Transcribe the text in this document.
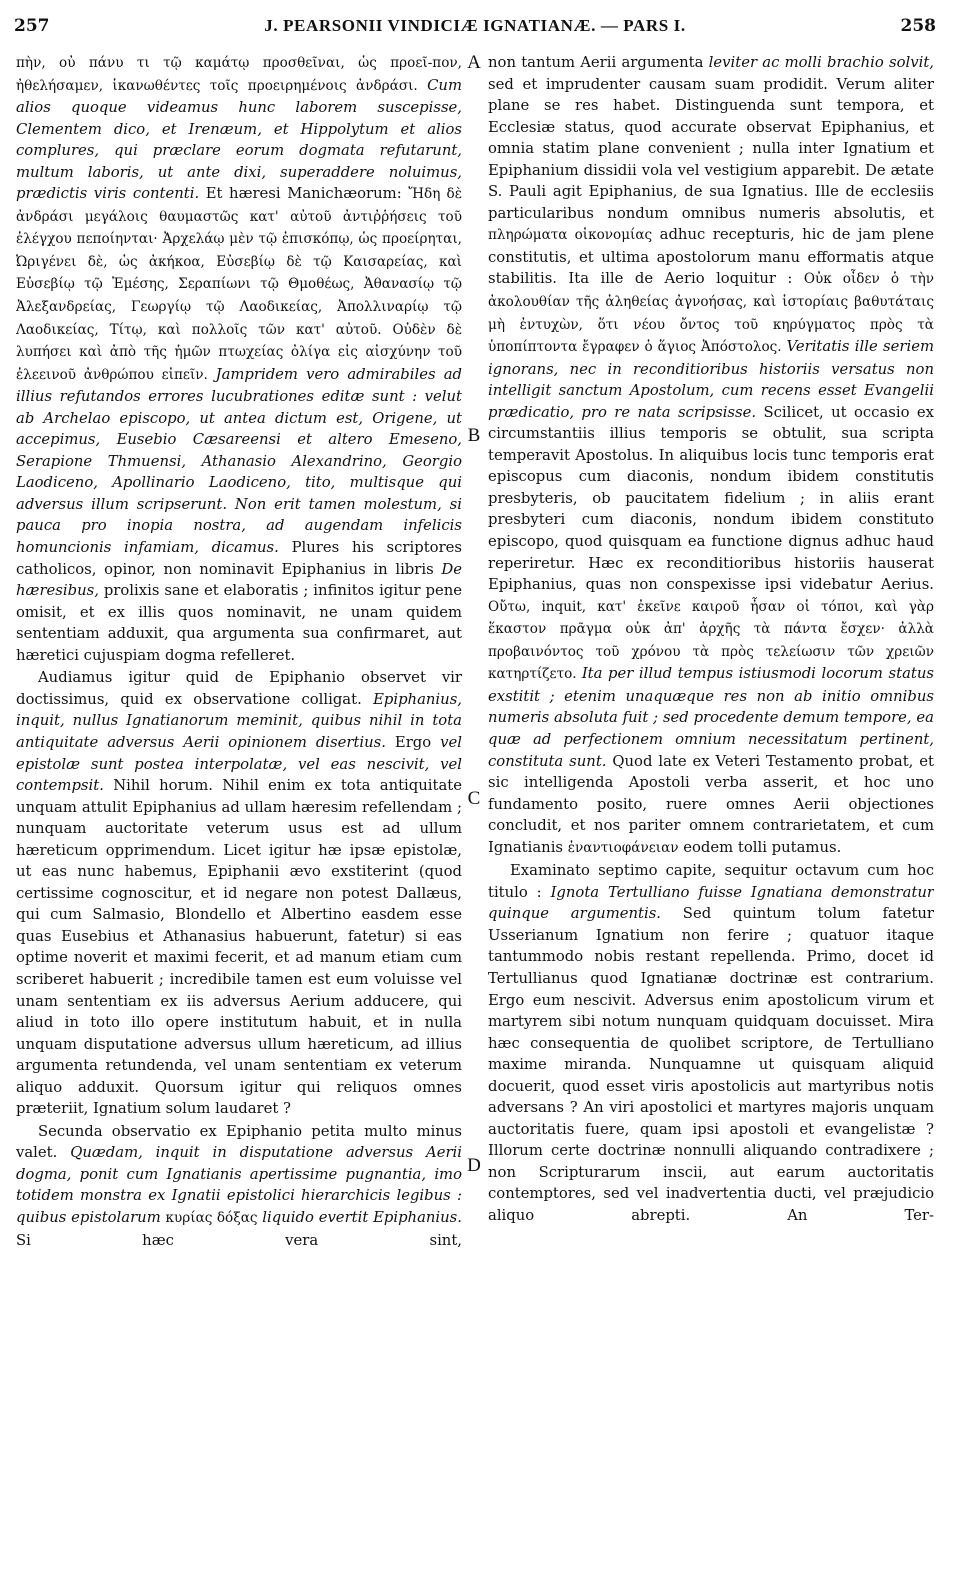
257	J. PEARSONII VINDICIÆ IGNATIANÆ. — PARS I.	258

πὴν, οὐ πάνυ τι τῷ καμάτῳ προσθεῖναι, ὡς προεῖ-πον, ἠθελήσαμεν, ἱκανωθέντες τοῖς προειρημένοις ἀνδράσι. Cum alios quoque videamus hunc laborem suscepisse, Clementem dico, et Irenæum, et Hippolytum et alios complures, qui præclare eorum dogmata refutarunt, multum laboris, ut ante dixi, superaddere noluimus, prædictis viris contenti. Et hæresi Manichæorum: Ἤδη δὲ ἀνδράσι μεγάλοις θαυμαστῶς κατ' αὐτοῦ ἀντιῤῥήσεις τοῦ ἐλέγχου πεποίηνται· Ἀρχελάῳ μὲν τῷ ἐπισκόπῳ, ὡς προείρηται, Ὠριγένει δὲ, ὡς ἀκήκοα, Εὐσεβίῳ δὲ τῷ Καισαρείας, καὶ Εὐσεβίῳ τῷ Ἐμέσης, Σεραπίωνι τῷ Θμοθέως, Ἀθανασίῳ τῷ Ἀλεξανδρείας, Γεωργίῳ τῷ Λαοδικείας, Ἀπολλιναρίῳ τῷ Λαοδικείας, Τίτῳ, καὶ πολλοῖς τῶν κατ' αὐτοῦ. Οὐδὲν δὲ λυπήσει καὶ ἀπὸ τῆς ἡμῶν πτωχείας ὀλίγα εἰς αἰσχύνην τοῦ ἐλεεινοῦ ἀνθρώπου εἰπεῖν. Jampridem vero admirabiles ad illius refutandos errores lucubrationes editæ sunt : velut ab Archelao episcopo, ut antea dictum est, Origene, ut accepimus, Eusebio Cæsareensi et altero Emeseno, Serapione Thmuensi, Athanasio Alexandrino, Georgio Laodiceno, Apollinario Laodiceno, tito, multisque qui adversus illum scripserunt. Non erit tamen molestum, si pauca pro inopia nostra, ad augendam infelicis homuncionis infamiam, dicamus. Plures his scriptores catholicos, opinor, non nominavit Epiphanius in libris De hæresibus, prolixis sane et elaboratis ; infinitos igitur pene omisit, et ex illis quos nominavit, ne unam quidem sententiam adduxit, qua argumenta sua confirmaret, aut hæretici cujuspiam dogma refelleret.

Audiamus igitur quid de Epiphanio observet vir doctissimus, quid ex observatione colligat. Epiphanius, inquit, nullus Ignatianorum meminit, quibus nihil in tota antiquitate adversus Aerii opinionem disertius. Ergo vel epistolæ sunt postea interpolatæ, vel eas nescivit, vel contempsit. Nihil horum. Nihil enim ex tota antiquitate unquam attulit Epiphanius ad ullam hæresim refellendam ; nunquam auctoritate veterum usus est ad ullum hæreticum opprimendum. Licet igitur hæ ipsæ epistolæ, ut eas nunc habemus, Epiphanii ævo exstiterint (quod certissime cognoscitur, et id negare non potest Dallæus, qui cum Salmasio, Blondello et Albertino easdem esse quas Eusebius et Athanasius habuerunt, fatetur) si eas optime noverit et maximi fecerit, et ad manum etiam cum scriberet habuerit ; incredibile tamen est eum voluisse vel unam sententiam ex iis adversus Aerium adducere, qui aliud in toto illo opere institutum habuit, et in nulla unquam disputatione adversus ullum hæreticum, ad illius argumenta retundenda, vel unam sententiam ex veterum aliquo adduxit. Quorsum igitur qui reliquos omnes præteriit, Ignatium solum laudaret ?

Secunda observatio ex Epiphanio petita multo minus valet. Quædam, inquit in disputatione adversus Aerii dogma, ponit cum Ignatianis apertissime pugnantia, imo totidem monstra ex Ignatii epistolici hierarchicis legibus : quibus epistolarum κυρίας δόξας liquido evertit Epiphanius. Si hæc vera sint,

non tantum Aerii argumenta leviter ac molli brachio solvit, sed et imprudenter causam suam prodidit. Verum aliter plane se res habet. Distinguenda sunt tempora, et Ecclesiæ status, quod accurate observat Epiphanius, et omnia statim plane convenient ; nulla inter Ignatium et Epiphanium dissidii vola vel vestigium apparebit. De ætate S. Pauli agit Epiphanius, de sua Ignatius. Ille de ecclesiis particularibus nondum omnibus numeris absolutis, et πληρώματα οἰκονομίας adhuc recepturis, hic de jam plene constitutis, et ultima apostolorum manu efformatis atque stabilitis. Ita ille de Aerio loquitur : Οὐκ οἶδεν ὁ τὴν ἀκολουθίαν τῆς ἀληθείας ἀγνοήσας, καὶ ἱστορίαις βαθυτάταις μὴ ἐντυχὼν, ὅτι νέου ὄντος τοῦ κηρύγματος πρὸς τὰ ὑποπίπτοντα ἔγραφεν ὁ ἅγιος Ἀπόστολος. Veritatis ille seriem ignorans, nec in reconditioribus historiis versatus non intelligit sanctum Apostolum, cum recens esset Evangelii prædicatio, pro re nata scripsisse. Scilicet, ut occasio ex circumstantiis illius temporis se obtulit, sua scripta temperavit Apostolus. In aliquibus locis tunc temporis erat episcopus cum diaconis, nondum ibidem constitutis presbyteris, ob paucitatem fidelium ; in aliis erant presbyteri cum diaconis, nondum ibidem constituto episcopo, quod quisquam ea functione dignus adhuc haud reperiretur. Hæc ex reconditioribus historiis hauserat Epiphanius, quas non conspexisse ipsi videbatur Aerius. Οὔτω, inquit, κατ' ἐκεῖνε καιροῦ ἦσαν οἱ τόποι, καὶ γὰρ ἕκαστον πρᾶγμα οὐκ ἀπ' ἀρχῆς τὰ πάντα ἔσχεν· ἀλλὰ προβαινόντος τοῦ χρόνου τὰ πρὸς τελείωσιν τῶν χρειῶν κατηρτίζετο. Ita per illud tempus istiusmodi locorum status exstitit ; etenim unaquæque res non ab initio omnibus numeris absoluta fuit ; sed procedente demum tempore, ea quæ ad perfectionem omnium necessitatum pertinent, constituta sunt. Quod late ex Veteri Testamento probat, et sic intelligenda Apostoli verba asserit, et hoc uno fundamento posito, ruere omnes Aerii objectiones concludit, et nos pariter omnem contrarietatem, et cum Ignatianis ἐναντιοφάνειαν eodem tolli putamus.

Examinato septimo capite, sequitur octavum cum hoc titulo : Ignota Tertulliano fuisse Ignatiana demonstratur quinque argumentis. Sed quintum tolum fatetur Usserianum Ignatium non ferire ; quatuor itaque tantummodo nobis restant repellenda. Primo, docet id Tertullianus quod Ignatianæ doctrinæ est contrarium. Ergo eum nescivit. Adversus enim apostolicum virum et martyrem sibi notum nunquam quidquam docuisset. Mira hæc consequentia de quolibet scriptore, de Tertulliano maxime miranda. Nunquamne ut quisquam aliquid docuerit, quod esset viris apostolicis aut martyribus notis adversans ? An viri apostolici et martyres majoris unquam auctoritatis fuere, quam ipsi apostoli et evangelistæ ? Illorum certe doctrinæ nonnulli aliquando contradixere ; non Scripturarum inscii, aut earum auctoritatis contemptores, sed vel inadvertentia ducti, vel præjudicio aliquo abrepti. An Ter-

A
B
C
D
